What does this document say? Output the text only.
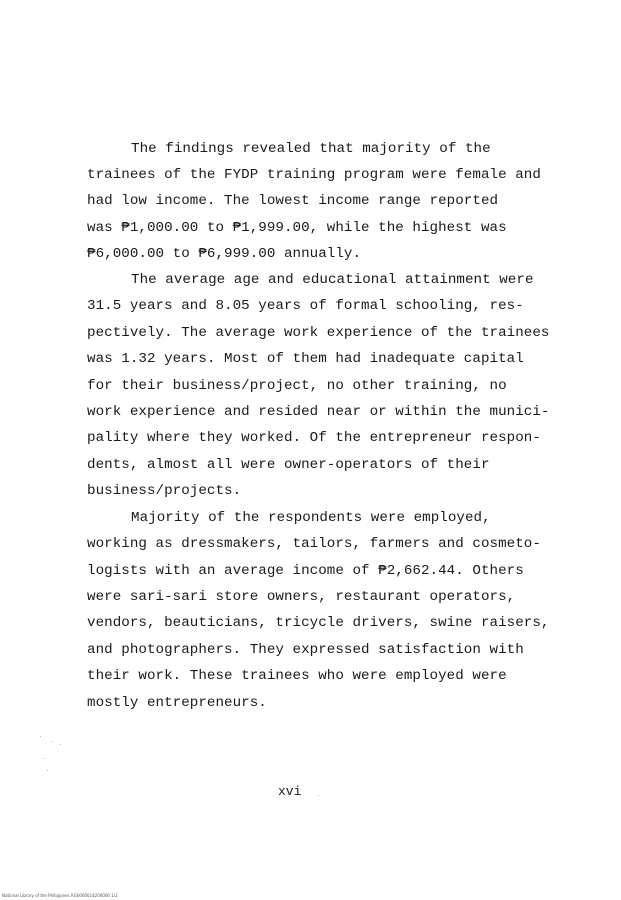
The findings revealed that majority of the
trainees of the FYDP training program were female and
had low income. The lowest income range reported
was ₱1,000.00 to ₱1,999.00, while the highest was
₱6,000.00 to ₱6,999.00 annually.
The average age and educational attainment were
31.5 years and 8.05 years of formal schooling, res-
pectively. The average work experience of the trainees
was 1.32 years. Most of them had inadequate capital
for their business/project, no other training, no
work experience and resided near or within the munici-
pality where they worked. Of the entrepreneur respon-
dents, almost all were owner-operators of their
business/projects.
Majority of the respondents were employed,
working as dressmakers, tailors, farmers and cosmeto-
logists with an average income of ₱2,662.44. Others
were sari-sari store owners, restaurant operators,
vendors, beauticians, tricycle drivers, swine raisers,
and photographers. They expressed satisfaction with
their work. These trainees who were employed were
mostly entrepreneurs.
xvi
National Library of the Philippines RG0000014200000 1/2
